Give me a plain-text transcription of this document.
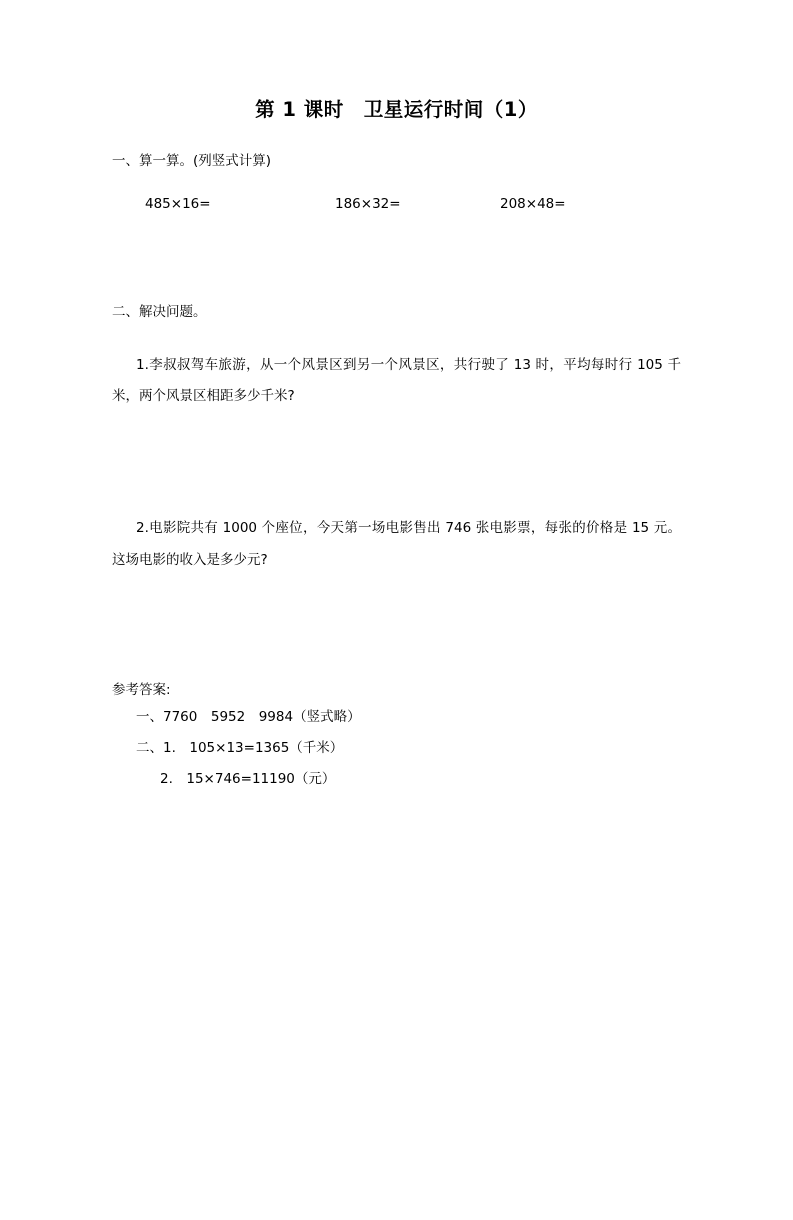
第 1 课时　卫星运行时间（1）
一、算一算。(列竖式计算)
485×16=	186×32=	208×48=
二、解决问题。
1.李叔叔驾车旅游，从一个风景区到另一个风景区，共行驶了 13 时，平均每时行 105 千米，两个风景区相距多少千米?
2.电影院共有 1000 个座位，今天第一场电影售出 746 张电影票，每张的价格是 15 元。这场电影的收入是多少元?
参考答案:
一、7760　5952　9984（竖式略）
二、1.　105×13=1365（千米）
2.　15×746=11190（元）
